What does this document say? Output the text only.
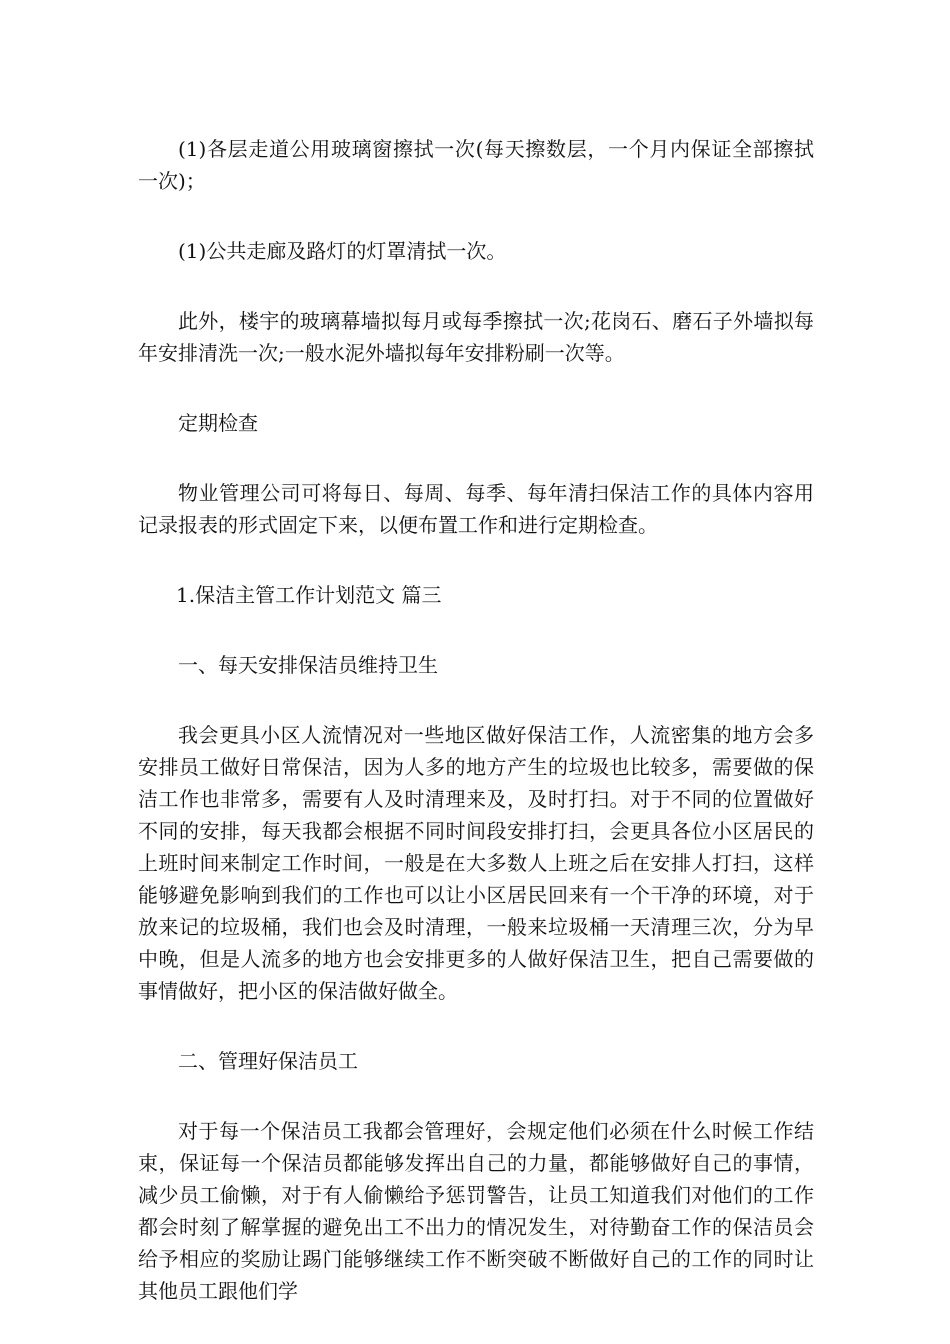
(1)各层走道公用玻璃窗擦拭一次(每天擦数层，一个月内保证全部擦拭一次)；

(1)公共走廊及路灯的灯罩清拭一次。

此外，楼宇的玻璃幕墙拟每月或每季擦拭一次;花岗石、磨石子外墙拟每年安排清洗一次;一般水泥外墙拟每年安排粉刷一次等。

定期检查

物业管理公司可将每日、每周、每季、每年清扫保洁工作的具体内容用记录报表的形式固定下来，以便布置工作和进行定期检查。

1.保洁主管工作计划范文 篇三

一、每天安排保洁员维持卫生

我会更具小区人流情况对一些地区做好保洁工作，人流密集的地方会多安排员工做好日常保洁，因为人多的地方产生的垃圾也比较多，需要做的保洁工作也非常多，需要有人及时清理来及，及时打扫。对于不同的位置做好不同的安排，每天我都会根据不同时间段安排打扫，会更具各位小区居民的上班时间来制定工作时间，一般是在大多数人上班之后在安排人打扫，这样能够避免影响到我们的工作也可以让小区居民回来有一个干净的环境，对于放来记的垃圾桶，我们也会及时清理，一般来垃圾桶一天清理三次，分为早中晚，但是人流多的地方也会安排更多的人做好保洁卫生，把自己需要做的事情做好，把小区的保洁做好做全。

二、管理好保洁员工

对于每一个保洁员工我都会管理好，会规定他们必须在什么时候工作结束，保证每一个保洁员都能够发挥出自己的力量，都能够做好自己的事情，减少员工偷懒，对于有人偷懒给予惩罚警告，让员工知道我们对他们的工作都会时刻了解掌握的避免出工不出力的情况发生，对待勤奋工作的保洁员会给予相应的奖励让踢门能够继续工作不断突破不断做好自己的工作的同时让其他员工跟他们学
